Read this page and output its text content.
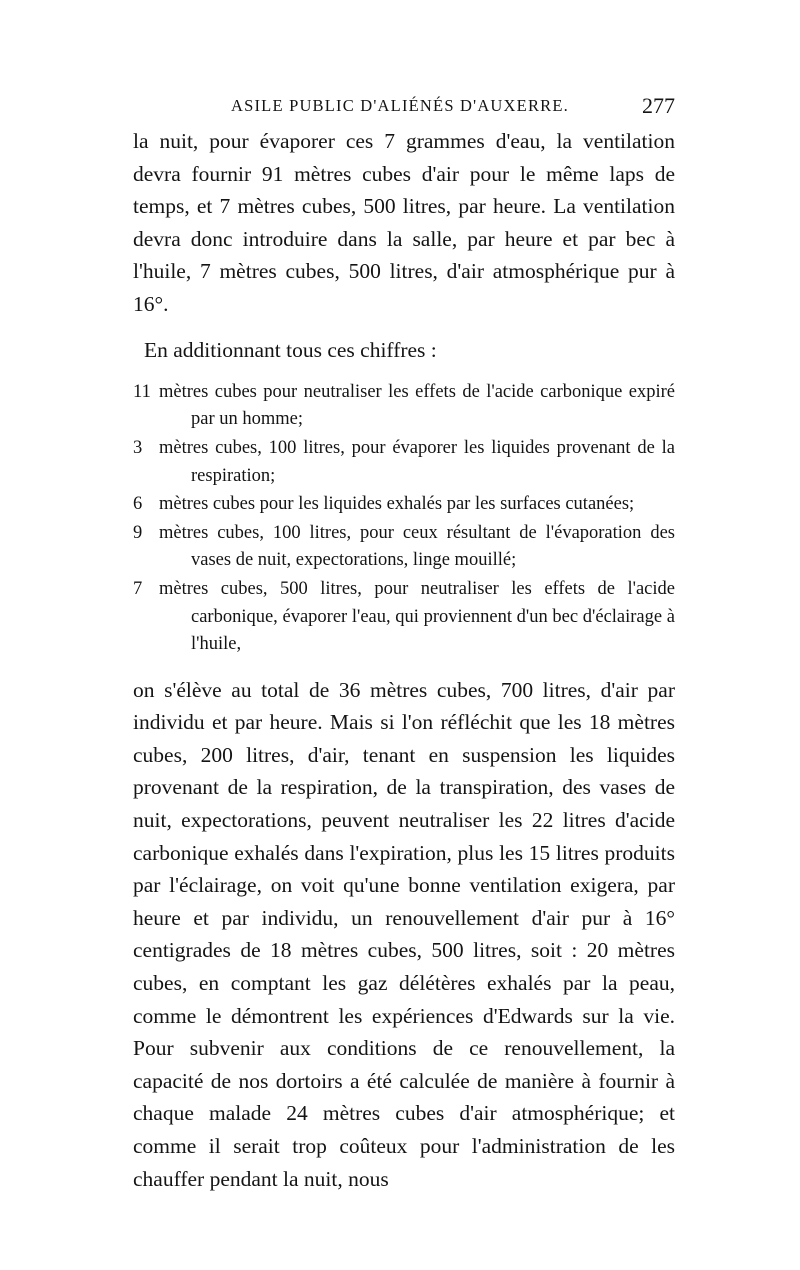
ASILE PUBLIC D'ALIÉNÉS D'AUXERRE.	277

la nuit, pour évaporer ces 7 grammes d'eau, la ventilation devra fournir 91 mètres cubes d'air pour le même laps de temps, et 7 mètres cubes, 500 litres, par heure. La ventilation devra donc introduire dans la salle, par heure et par bec à l'huile, 7 mètres cubes, 500 litres, d'air atmosphérique pur à 16°.

En additionnant tous ces chiffres :

11 mètres cubes pour neutraliser les effets de l'acide carbonique expiré par un homme;
3 mètres cubes, 100 litres, pour évaporer les liquides provenant de la respiration;
6 mètres cubes pour les liquides exhalés par les surfaces cutanées;
9 mètres cubes, 100 litres, pour ceux résultant de l'évaporation des vases de nuit, expectorations, linge mouillé;
7 mètres cubes, 500 litres, pour neutraliser les effets de l'acide carbonique, évaporer l'eau, qui proviennent d'un bec d'éclairage à l'huile,

on s'élève au total de 36 mètres cubes, 700 litres, d'air par individu et par heure. Mais si l'on réfléchit que les 18 mètres cubes, 200 litres, d'air, tenant en suspension les liquides provenant de la respiration, de la transpiration, des vases de nuit, expectorations, peuvent neutraliser les 22 litres d'acide carbonique exhalés dans l'expiration, plus les 15 litres produits par l'éclairage, on voit qu'une bonne ventilation exigera, par heure et par individu, un renouvellement d'air pur à 16° centigrades de 18 mètres cubes, 500 litres, soit : 20 mètres cubes, en comptant les gaz délétères exhalés par la peau, comme le démontrent les expériences d'Edwards sur la vie. Pour subvenir aux conditions de ce renouvellement, la capacité de nos dortoirs a été calculée de manière à fournir à chaque malade 24 mètres cubes d'air atmosphérique; et comme il serait trop coûteux pour l'administration de les chauffer pendant la nuit, nous
